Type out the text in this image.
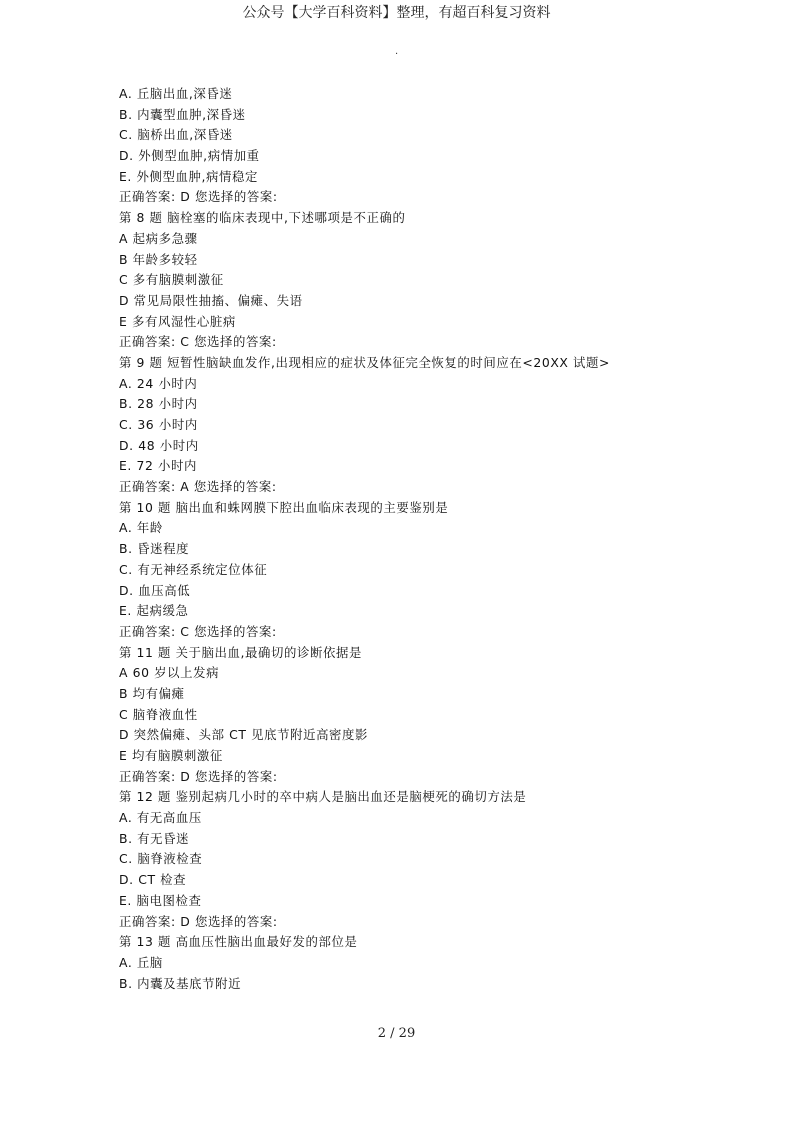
公众号【大学百科资料】整理，有超百科复习资料
.
A. 丘脑出血,深昏迷
B. 内囊型血肿,深昏迷
C. 脑桥出血,深昏迷
D. 外侧型血肿,病情加重
E. 外侧型血肿,病情稳定
正确答案: D 您选择的答案:
第 8 题 脑栓塞的临床表现中,下述哪项是不正确的
A 起病多急骤
B 年龄多较轻
C 多有脑膜刺激征
D 常见局限性抽搐、偏瘫、失语
E 多有风湿性心脏病
正确答案: C 您选择的答案:
第 9 题 短暂性脑缺血发作,出现相应的症状及体征完全恢复的时间应在<20XX 试题>
A. 24 小时内
B. 28 小时内
C. 36 小时内
D. 48 小时内
E. 72 小时内
正确答案: A 您选择的答案:
第 10 题 脑出血和蛛网膜下腔出血临床表现的主要鉴别是
A. 年龄
B. 昏迷程度
C. 有无神经系统定位体征
D. 血压高低
E. 起病缓急
正确答案: C 您选择的答案:
第 11 题 关于脑出血,最确切的诊断依据是
A 60 岁以上发病
B 均有偏瘫
C 脑脊液血性
D 突然偏瘫、头部 CT 见底节附近高密度影
E 均有脑膜刺激征
正确答案: D 您选择的答案:
第 12 题 鉴别起病几小时的卒中病人是脑出血还是脑梗死的确切方法是
A. 有无高血压
B. 有无昏迷
C. 脑脊液检查
D. CT 检查
E. 脑电图检查
正确答案: D 您选择的答案:
第 13 题 高血压性脑出血最好发的部位是
A. 丘脑
B. 内囊及基底节附近
2 / 29
